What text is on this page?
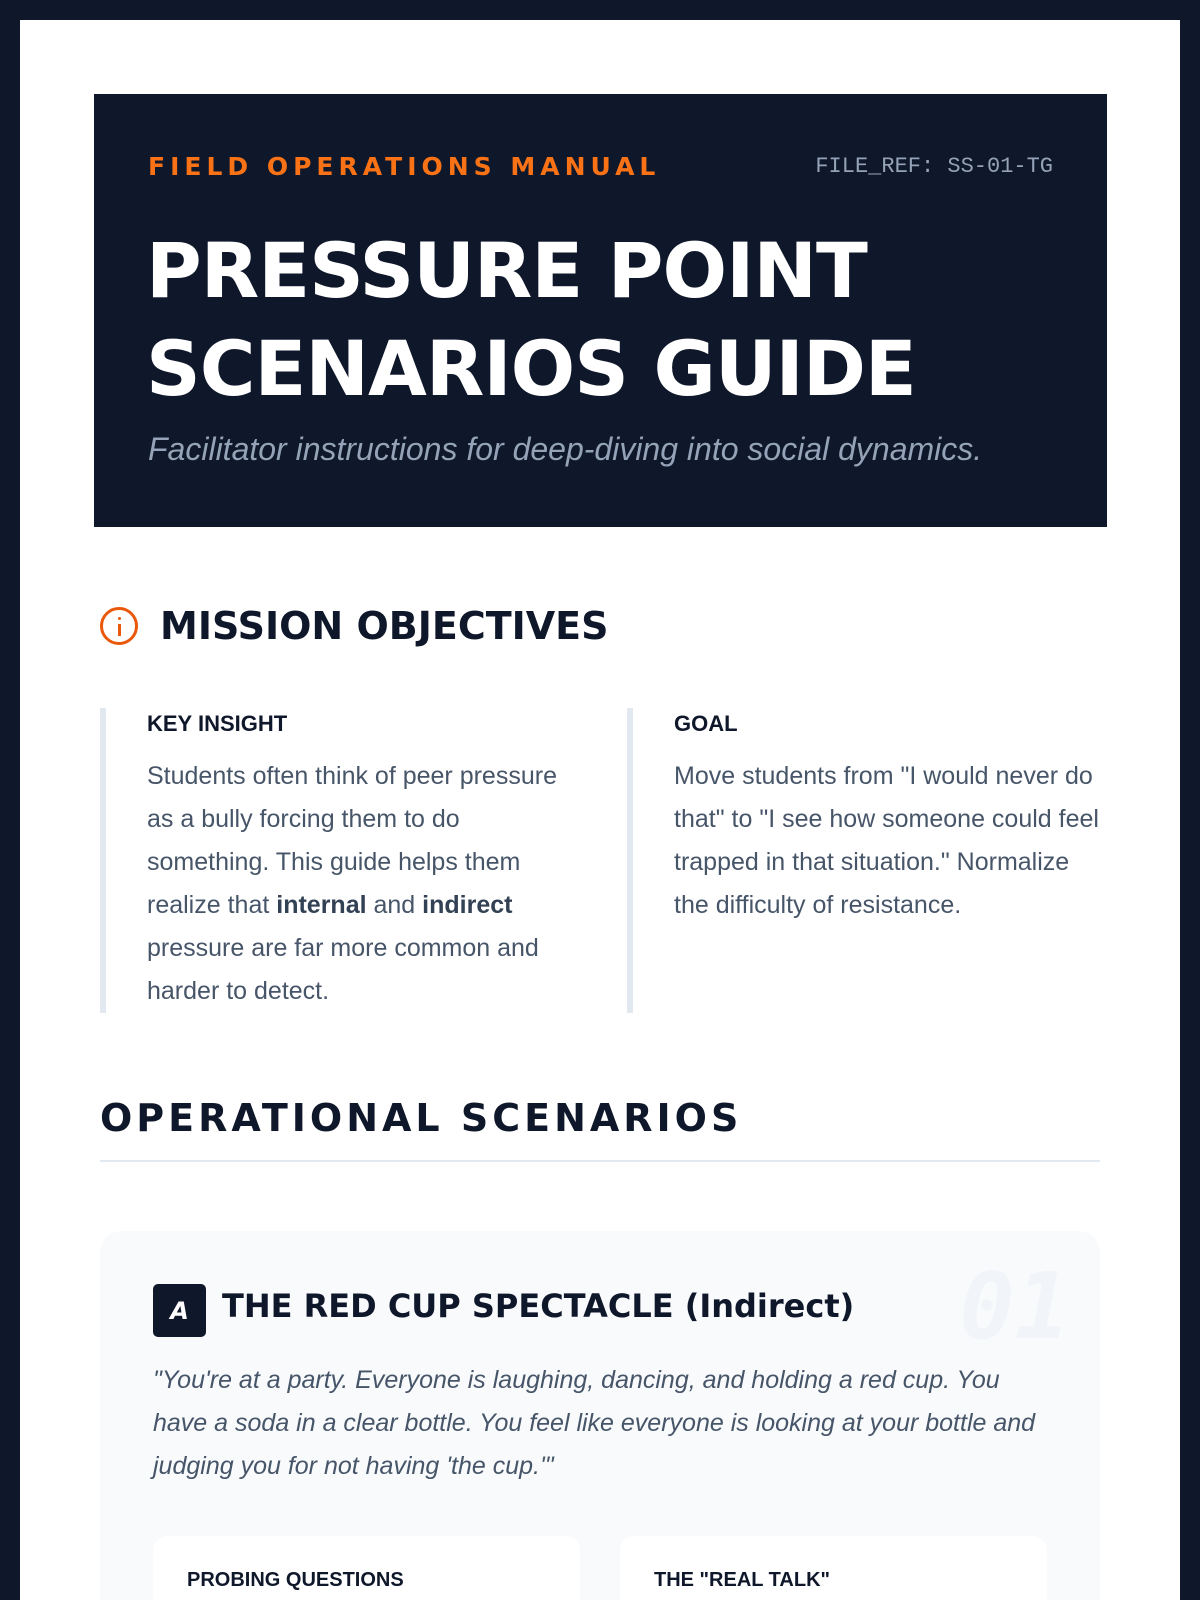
FIELD OPERATIONS MANUAL	FILE_REF: SS-01-TG
PRESSURE POINT
SCENARIOS GUIDE
Facilitator instructions for deep-diving into social dynamics.
MISSION OBJECTIVES
KEY INSIGHT
Students often think of peer pressure as a bully forcing them to do something. This guide helps them realize that internal and indirect pressure are far more common and harder to detect.
GOAL
Move students from "I would never do that" to "I see how someone could feel trapped in that situation." Normalize the difficulty of resistance.
OPERATIONAL SCENARIOS
01
A	THE RED CUP SPECTACLE (Indirect)
"You're at a party. Everyone is laughing, dancing, and holding a red cup. You have a soda in a clear bottle. You feel like everyone is looking at your bottle and judging you for not having 'the cup.'"
PROBING QUESTIONS	THE "REAL TALK"
